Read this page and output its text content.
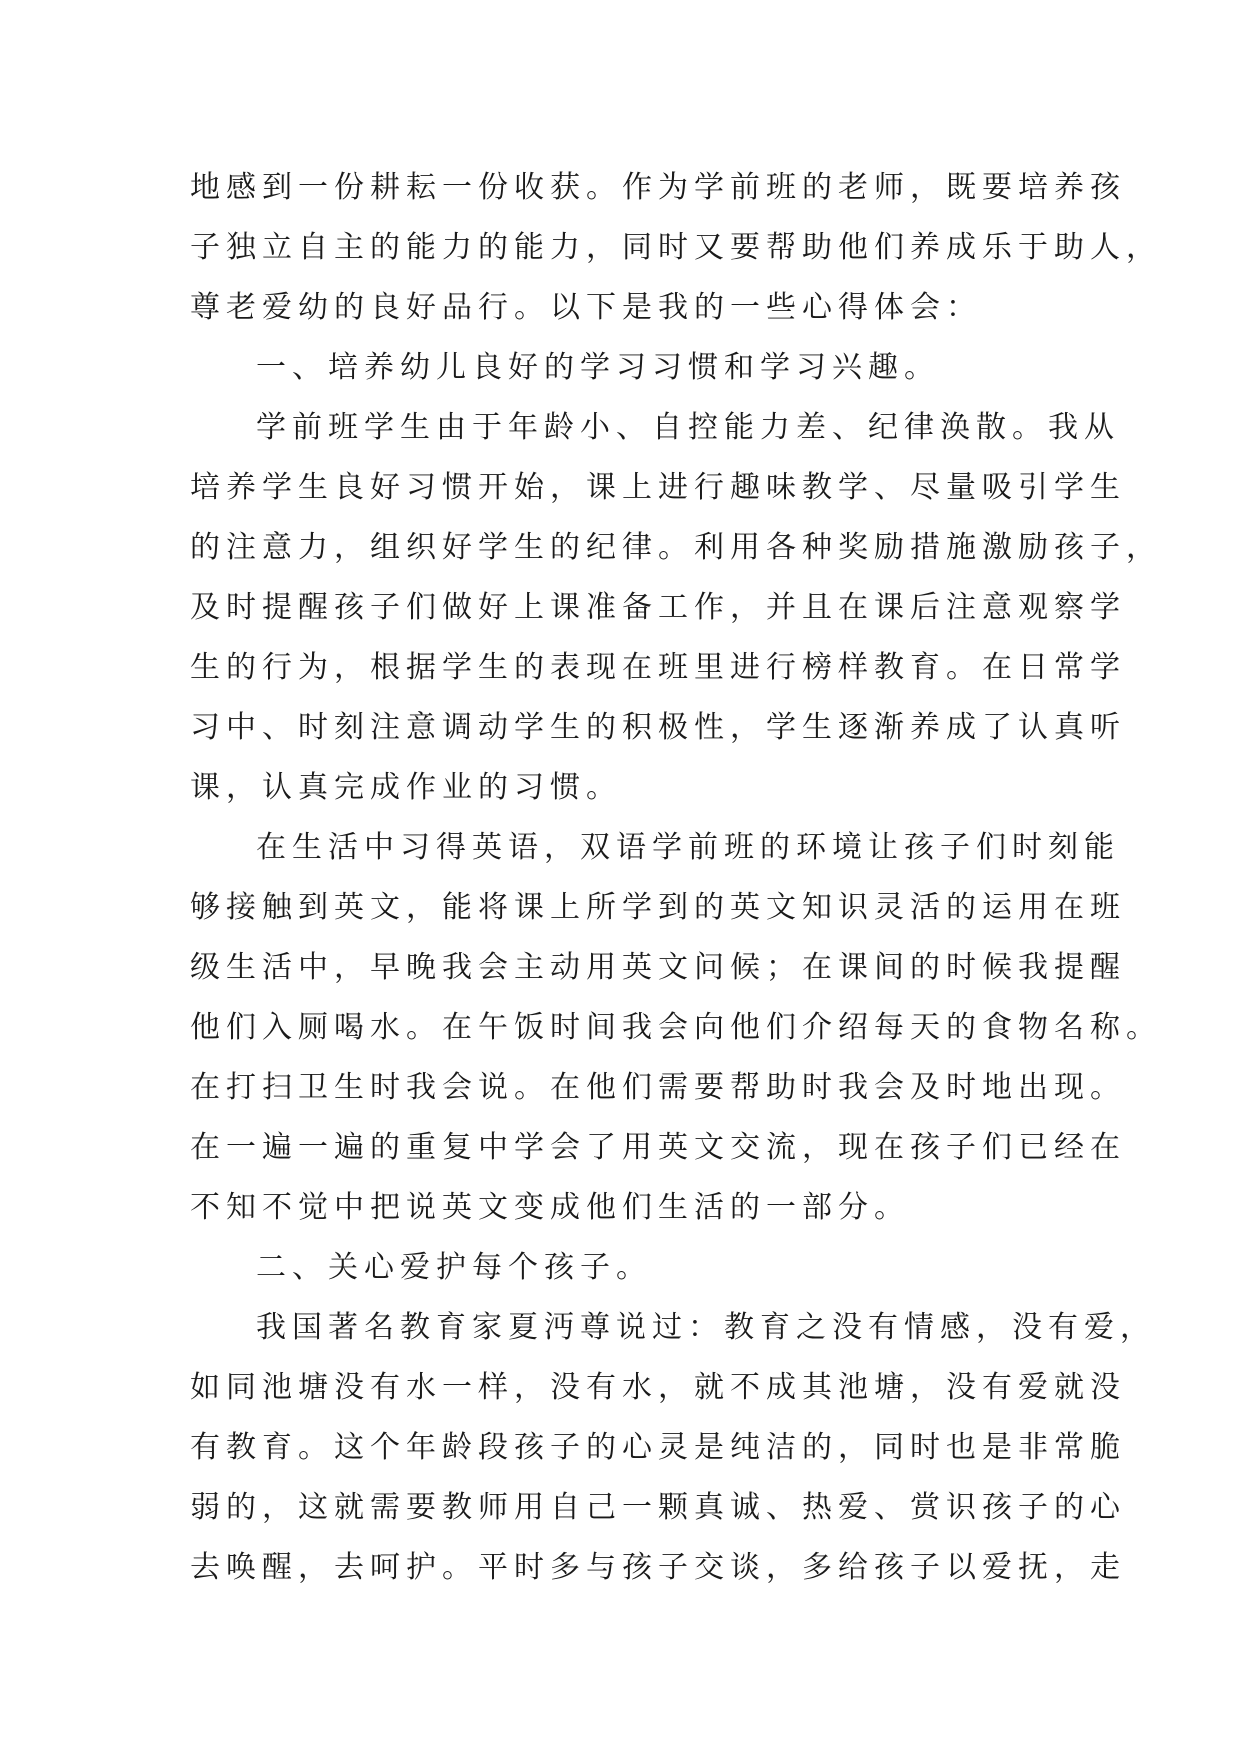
地感到一份耕耘一份收获。作为学前班的老师，既要培养孩
子独立自主的能力的能力，同时又要帮助他们养成乐于助人，
尊老爱幼的良好品行。以下是我的一些心得体会：
一、培养幼儿良好的学习习惯和学习兴趣。
学前班学生由于年龄小、自控能力差、纪律涣散。我从
培养学生良好习惯开始，课上进行趣味教学、尽量吸引学生
的注意力，组织好学生的纪律。利用各种奖励措施激励孩子，
及时提醒孩子们做好上课准备工作，并且在课后注意观察学
生的行为，根据学生的表现在班里进行榜样教育。在日常学
习中、时刻注意调动学生的积极性，学生逐渐养成了认真听
课，认真完成作业的习惯。
在生活中习得英语，双语学前班的环境让孩子们时刻能
够接触到英文，能将课上所学到的英文知识灵活的运用在班
级生活中，早晚我会主动用英文问候；在课间的时候我提醒
他们入厕喝水。在午饭时间我会向他们介绍每天的食物名称。
在打扫卫生时我会说。在他们需要帮助时我会及时地出现。
在一遍一遍的重复中学会了用英文交流，现在孩子们已经在
不知不觉中把说英文变成他们生活的一部分。
二、关心爱护每个孩子。
我国著名教育家夏沔尊说过：教育之没有情感，没有爱，
如同池塘没有水一样，没有水，就不成其池塘，没有爱就没
有教育。这个年龄段孩子的心灵是纯洁的，同时也是非常脆
弱的，这就需要教师用自己一颗真诚、热爱、赏识孩子的心
去唤醒，去呵护。平时多与孩子交谈，多给孩子以爱抚，走
